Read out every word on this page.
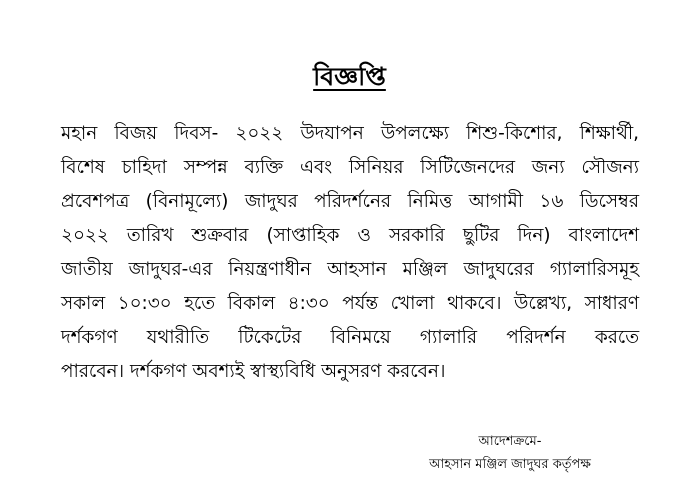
বিজ্ঞপ্তি
মহান বিজয় দিবস- ২০২২ উদযাপন উপলক্ষ্যে শিশু-কিশোর, শিক্ষার্থী,
বিশেষ চাহিদা সম্পন্ন ব্যক্তি এবং সিনিয়র সিটিজেনদের জন্য সৌজন্য
প্রবেশপত্র (বিনামূল্যে) জাদুঘর পরিদর্শনের নিমিত্ত আগামী ১৬ ডিসেম্বর
২০২২ তারিখ শুক্রবার (সাপ্তাহিক ও সরকারি ছুটির দিন) বাংলাদেশ
জাতীয় জাদুঘর-এর নিয়ন্ত্রণাধীন আহসান মঞ্জিল জাদুঘরের গ্যালারিসমূহ
সকাল ১০:৩০ হতে বিকাল ৪:৩০ পর্যন্ত খোলা থাকবে। উল্লেখ্য, সাধারণ
দর্শকগণ যথারীতি টিকেটের বিনিময়ে গ্যালারি পরিদর্শন করতে
পারবেন। দর্শকগণ অবশ্যই স্বাস্থ্যবিধি অনুসরণ করবেন।
আদেশক্রমে-
আহসান মঞ্জিল জাদুঘর কর্তৃপক্ষ
